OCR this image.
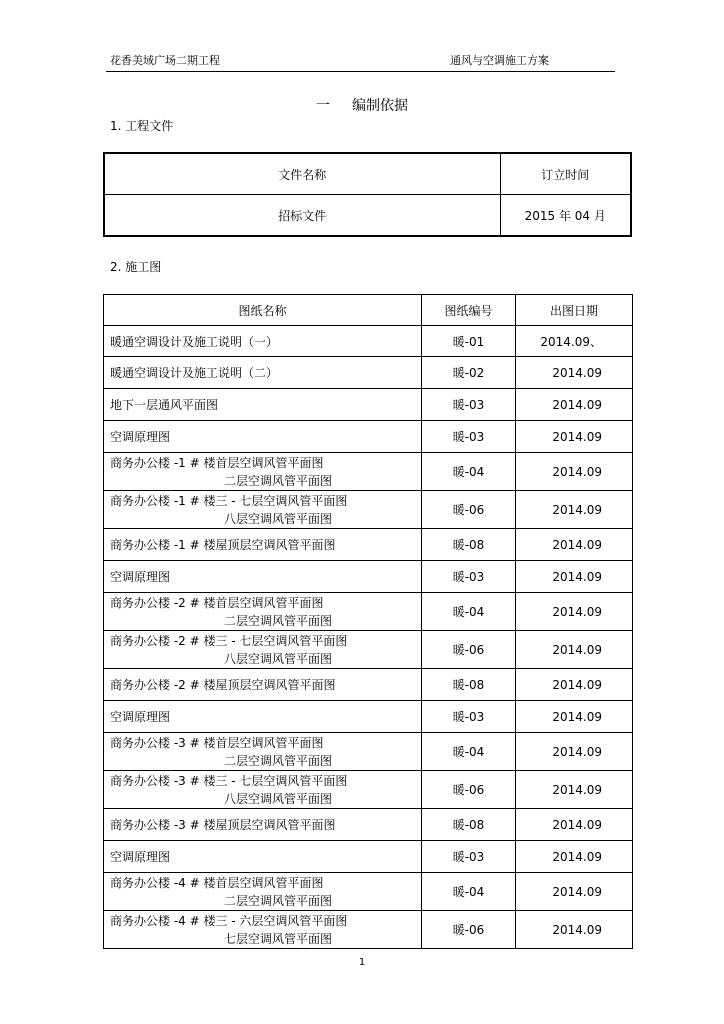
花香美域广场二期工程	通风与空调施工方案
一 编制依据
1. 工程文件
文件名称	订立时间
招标文件	2015 年 04 月
2. 施工图
图纸名称	图纸编号	出图日期
暖通空调设计及施工说明（一）	暖-01	2014.09、
暖通空调设计及施工说明（二）	暖-02	2014.09
地下一层通风平面图	暖-03	2014.09
空调原理图	暖-03	2014.09
商务办公楼 -1 # 楼首层空调风管平面图
二层空调风管平面图	暖-04	2014.09
商务办公楼 -1 # 楼三 - 七层空调风管平面图
八层空调风管平面图	暖-06	2014.09
商务办公楼 -1 # 楼屋顶层空调风管平面图	暖-08	2014.09
空调原理图	暖-03	2014.09
商务办公楼 -2 # 楼首层空调风管平面图
二层空调风管平面图	暖-04	2014.09
商务办公楼 -2 # 楼三 - 七层空调风管平面图
八层空调风管平面图	暖-06	2014.09
商务办公楼 -2 # 楼屋顶层空调风管平面图	暖-08	2014.09
空调原理图	暖-03	2014.09
商务办公楼 -3 # 楼首层空调风管平面图
二层空调风管平面图	暖-04	2014.09
商务办公楼 -3 # 楼三 - 七层空调风管平面图
八层空调风管平面图	暖-06	2014.09
商务办公楼 -3 # 楼屋顶层空调风管平面图	暖-08	2014.09
空调原理图	暖-03	2014.09
商务办公楼 -4 # 楼首层空调风管平面图
二层空调风管平面图	暖-04	2014.09
商务办公楼 -4 # 楼三 - 六层空调风管平面图
七层空调风管平面图	暖-06	2014.09
1
